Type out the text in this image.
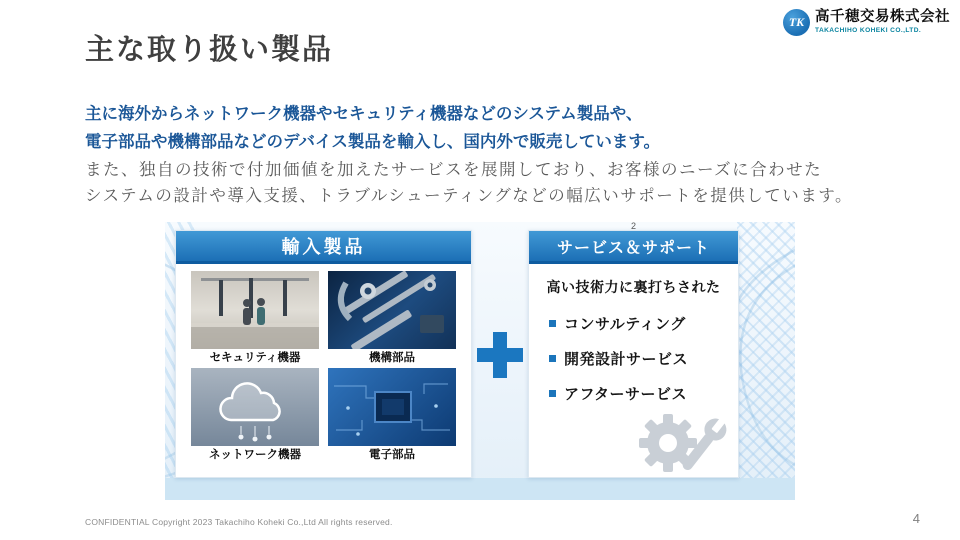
TK 高千穂交易株式会社
TAKACHIHO KOHEKI CO.,LTD.
主な取り扱い製品
主に海外からネットワーク機器やセキュリティ機器などのシステム製品や、
電子部品や機構部品などのデバイス製品を輸入し、国内外で販売しています。
また、独自の技術で付加価値を加えたサービスを展開しており、お客様のニーズに合わせた
システムの設計や導入支援、トラブルシューティングなどの幅広いサポートを提供しています。
輸入製品
セキュリティ機器	機構部品
ネットワーク機器	電子部品
2
サービス＆サポート
高い技術力に裏打ちされた
コンサルティング
開発設計サービス
アフターサービス
CONFIDENTIAL Copyright 2023 Takachiho Koheki Co.,Ltd All rights reserved.	4
